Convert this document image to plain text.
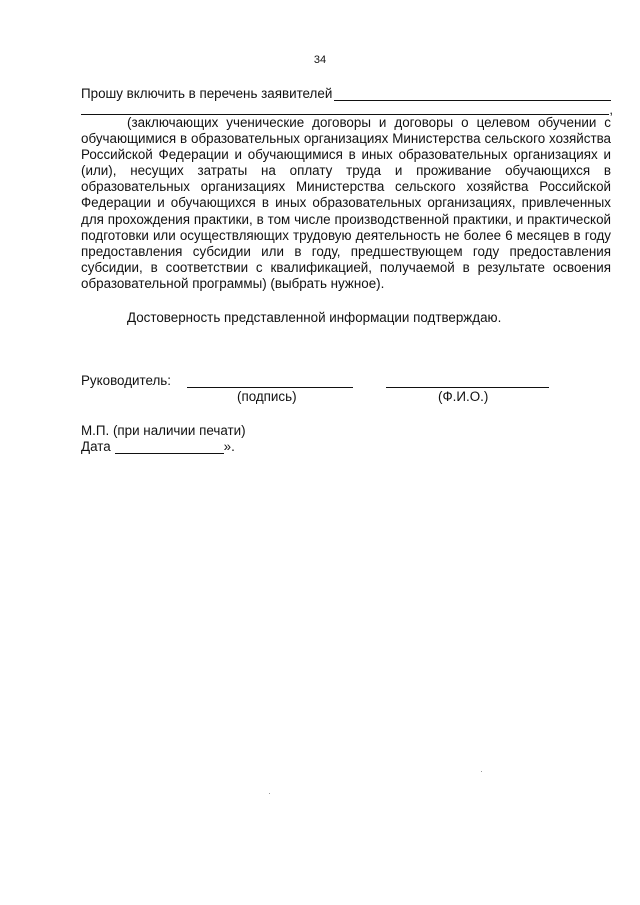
34
Прошу включить в перечень заявителей
,

(заключающих ученические договоры и договоры о целевом обучении с обучающимися в образовательных организациях Министерства сельского хозяйства Российской Федерации и обучающимися в иных образовательных организациях и (или), несущих затраты на оплату труда и проживание обучающихся в образовательных организациях Министерства сельского хозяйства Российской Федерации и обучающихся в иных образовательных организациях, привлеченных для прохождения практики, в том числе производственной практики, и практической подготовки или осуществляющих трудовую деятельность не более 6 месяцев в году предоставления субсидии или в году, предшествующем году предоставления субсидии, в соответствии с квалификацией, получаемой в результате освоения образовательной программы) (выбрать нужное).

Достоверность представленной информации подтверждаю.

Руководитель:
(подпись)	(Ф.И.О.)
М.П. (при наличии печати)
Дата	».
